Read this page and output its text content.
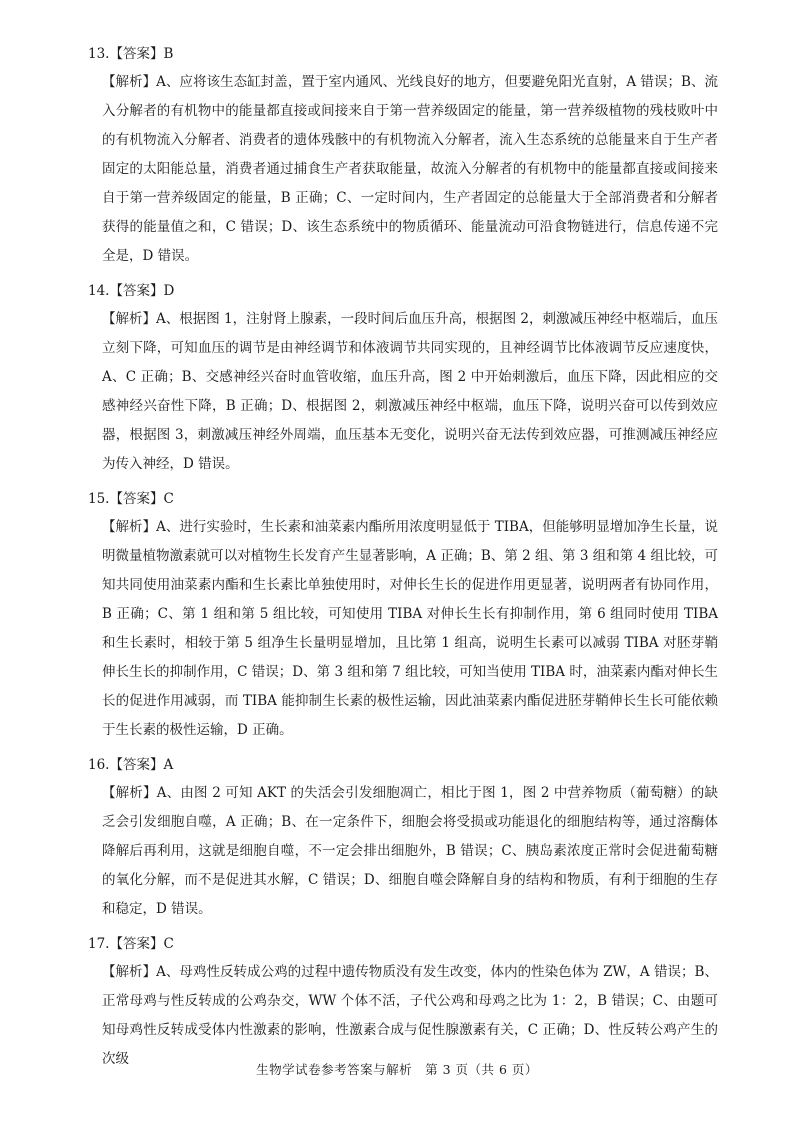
13.【答案】B

【解析】A、应将该生态缸封盖，置于室内通风、光线良好的地方，但要避免阳光直射，A 错误；B、流入分解者的有机物中的能量都直接或间接来自于第一营养级固定的能量，第一营养级植物的残枝败叶中的有机物流入分解者、消费者的遗体残骸中的有机物流入分解者，流入生态系统的总能量来自于生产者固定的太阳能总量，消费者通过捕食生产者获取能量，故流入分解者的有机物中的能量都直接或间接来自于第一营养级固定的能量，B 正确；C、一定时间内，生产者固定的总能量大于全部消费者和分解者获得的能量值之和，C 错误；D、该生态系统中的物质循环、能量流动可沿食物链进行，信息传递不完全是，D 错误。

14.【答案】D

【解析】A、根据图 1，注射肾上腺素，一段时间后血压升高，根据图 2，刺激减压神经中枢端后，血压立刻下降，可知血压的调节是由神经调节和体液调节共同实现的，且神经调节比体液调节反应速度快，A、C 正确；B、交感神经兴奋时血管收缩，血压升高，图 2 中开始刺激后，血压下降，因此相应的交感神经兴奋性下降，B 正确；D、根据图 2，刺激减压神经中枢端，血压下降，说明兴奋可以传到效应器，根据图 3，刺激减压神经外周端，血压基本无变化，说明兴奋无法传到效应器，可推测减压神经应为传入神经，D 错误。

15.【答案】C

【解析】A、进行实验时，生长素和油菜素内酯所用浓度明显低于 TIBA，但能够明显增加净生长量，说明微量植物激素就可以对植物生长发育产生显著影响，A 正确；B、第 2 组、第 3 组和第 4 组比较，可知共同使用油菜素内酯和生长素比单独使用时，对伸长生长的促进作用更显著，说明两者有协同作用，B 正确；C、第 1 组和第 5 组比较，可知使用 TIBA 对伸长生长有抑制作用，第 6 组同时使用 TIBA 和生长素时，相较于第 5 组净生长量明显增加，且比第 1 组高，说明生长素可以减弱 TIBA 对胚芽鞘伸长生长的抑制作用，C 错误；D、第 3 组和第 7 组比较，可知当使用 TIBA 时，油菜素内酯对伸长生长的促进作用减弱，而 TIBA 能抑制生长素的极性运输，因此油菜素内酯促进胚芽鞘伸长生长可能依赖于生长素的极性运输，D 正确。

16.【答案】A

【解析】A、由图 2 可知 AKT 的失活会引发细胞凋亡，相比于图 1，图 2 中营养物质（葡萄糖）的缺乏会引发细胞自噬，A 正确；B、在一定条件下，细胞会将受损或功能退化的细胞结构等，通过溶酶体降解后再利用，这就是细胞自噬，不一定会排出细胞外，B 错误；C、胰岛素浓度正常时会促进葡萄糖的氧化分解，而不是促进其水解，C 错误；D、细胞自噬会降解自身的结构和物质，有利于细胞的生存和稳定，D 错误。

17.【答案】C

【解析】A、母鸡性反转成公鸡的过程中遗传物质没有发生改变，体内的性染色体为 ZW，A 错误；B、正常母鸡与性反转成的公鸡杂交，WW 个体不活，子代公鸡和母鸡之比为 1：2，B 错误；C、由题可知母鸡性反转成受体内性激素的影响，性激素合成与促性腺激素有关，C 正确；D、性反转公鸡产生的次级

生物学试卷参考答案与解析　第 3 页（共 6 页）
